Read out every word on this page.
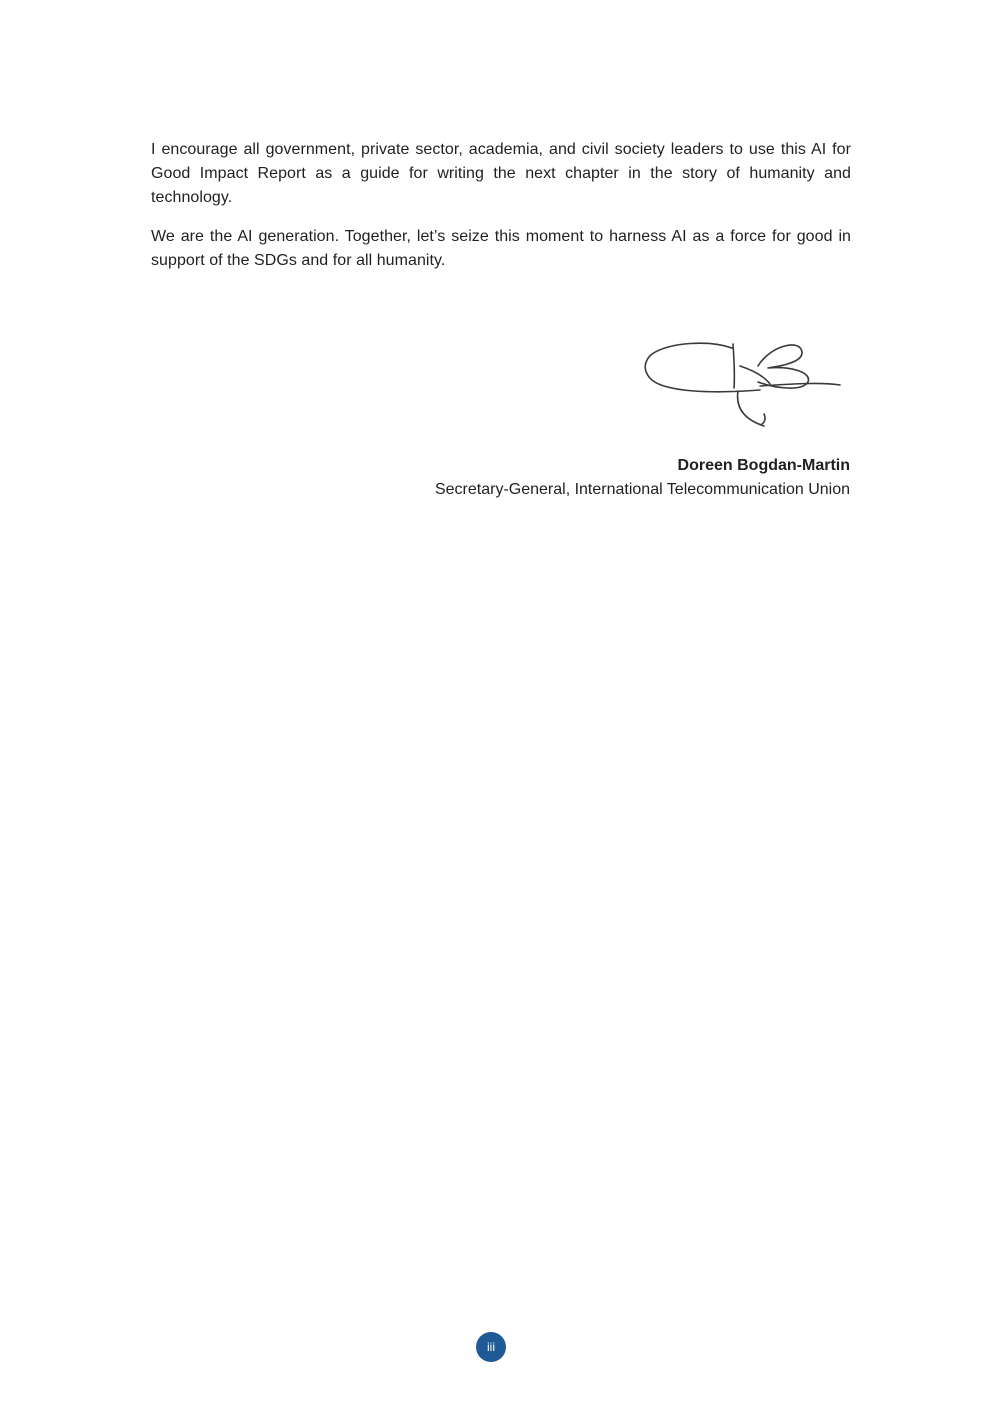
I encourage all government, private sector, academia, and civil society leaders to use this AI for Good Impact Report as a guide for writing the next chapter in the story of humanity and technology.

We are the AI generation. Together, let’s seize this moment to harness AI as a force for good in support of the SDGs and for all humanity.

Doreen Bogdan-Martin
Secretary-General, International Telecommunication Union
iii
